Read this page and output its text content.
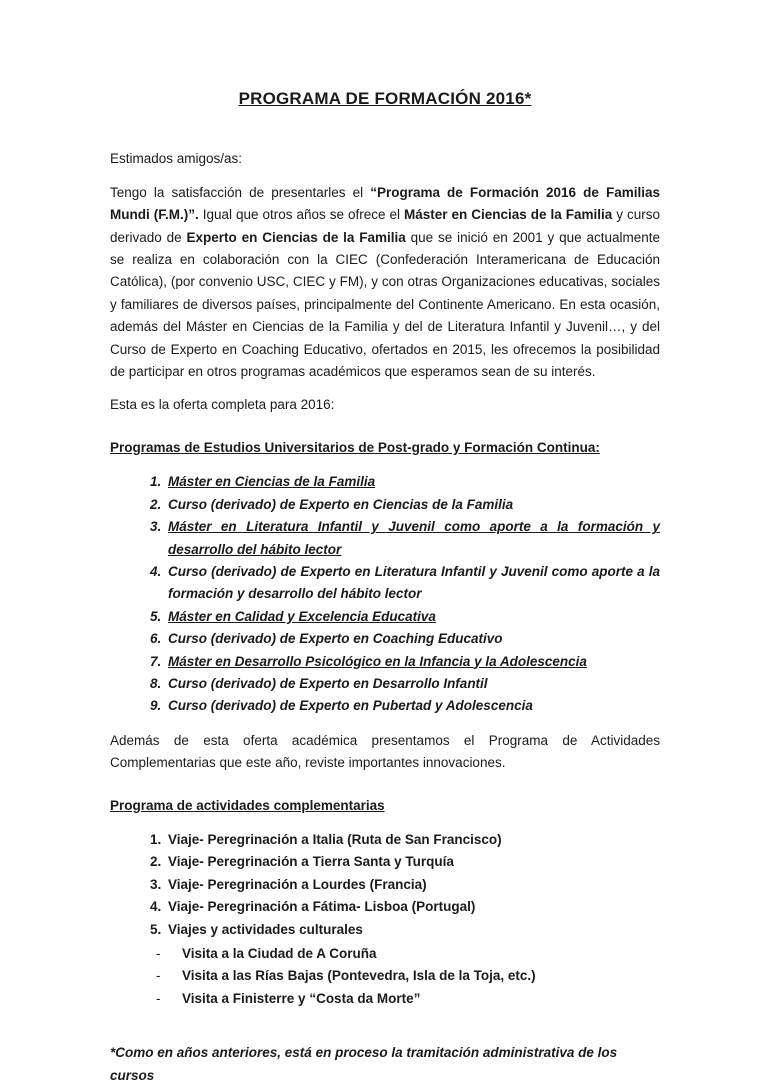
PROGRAMA DE FORMACIÓN 2016*

Estimados amigos/as:

Tengo la satisfacción de presentarles el “Programa de Formación 2016 de Familias Mundi (F.M.)”. Igual que otros años se ofrece el Máster en Ciencias de la Familia y curso derivado de Experto en Ciencias de la Familia que se inició en 2001 y que actualmente se realiza en colaboración con la CIEC (Confederación Interamericana de Educación Católica), (por convenio USC, CIEC y FM), y con otras Organizaciones educativas, sociales y familiares de diversos países, principalmente del Continente Americano. En esta ocasión, además del Máster en Ciencias de la Familia y del de Literatura Infantil y Juvenil…, y del Curso de Experto en Coaching Educativo, ofertados en 2015, les ofrecemos la posibilidad de participar en otros programas académicos que esperamos sean de su interés.

Esta es la oferta completa para 2016:

Programas de Estudios Universitarios de Post-grado y Formación Continua:
1. Máster en Ciencias de la Familia
2. Curso (derivado) de Experto en Ciencias de la Familia
3. Máster en Literatura Infantil y Juvenil como aporte a la formación y desarrollo del hábito lector
4. Curso (derivado) de Experto en Literatura Infantil y Juvenil como aporte a la formación y desarrollo del hábito lector
5. Máster en Calidad y Excelencia Educativa
6. Curso (derivado) de Experto en Coaching Educativo
7. Máster en Desarrollo Psicológico en la Infancia y la Adolescencia
8. Curso (derivado) de Experto en Desarrollo Infantil
9. Curso (derivado) de Experto en Pubertad y Adolescencia

Además de esta oferta académica presentamos el Programa de Actividades Complementarias que este año, reviste importantes innovaciones.

Programa de actividades complementarias
1. Viaje- Peregrinación a Italia (Ruta de San Francisco)
2. Viaje- Peregrinación a Tierra Santa y Turquía
3. Viaje- Peregrinación a Lourdes (Francia)
4. Viaje- Peregrinación a Fátima- Lisboa (Portugal)
5. Viajes y actividades culturales
- Visita a la Ciudad de A Coruña
- Visita a las Rías Bajas (Pontevedra, Isla de la Toja, etc.)
- Visita a Finisterre y “Costa da Morte”

*Como en años anteriores, está en proceso la tramitación administrativa de los cursos
